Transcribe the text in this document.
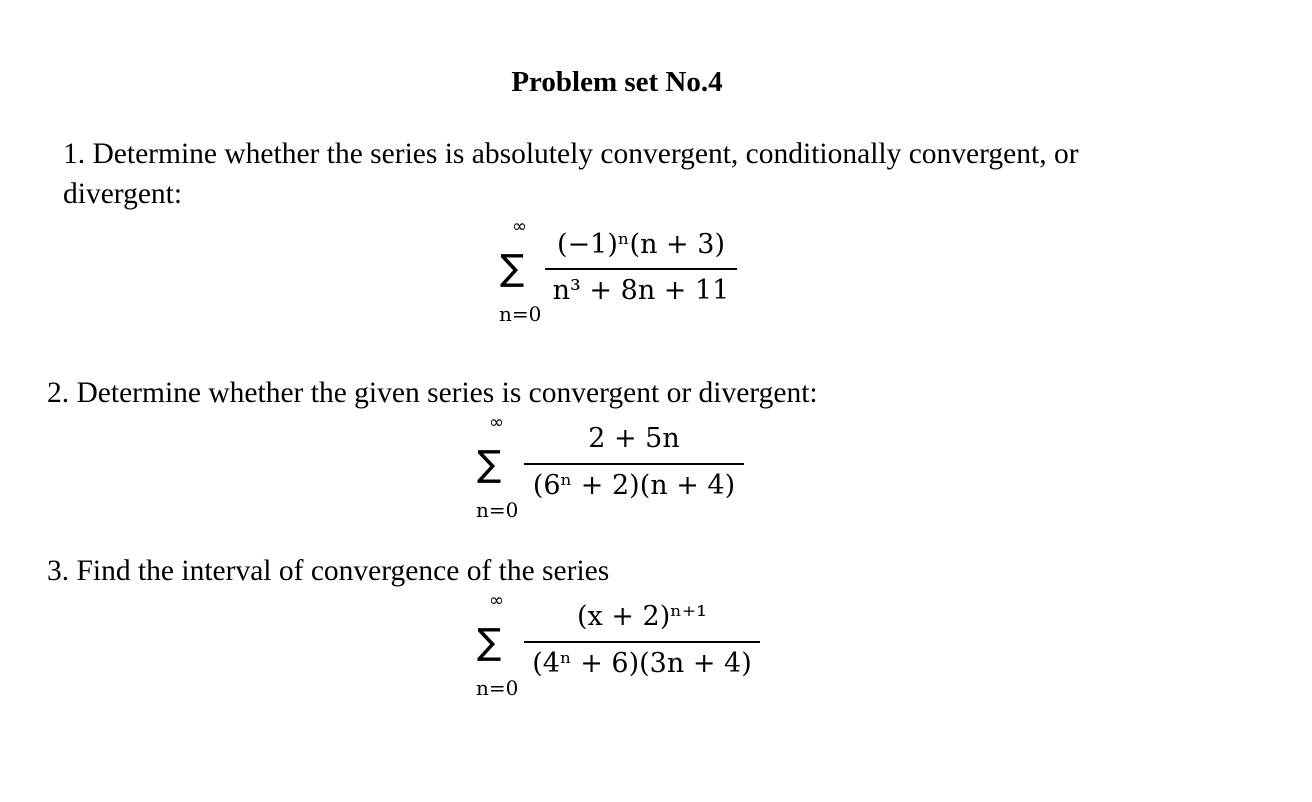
Problem set No.4
1. Determine whether the series is absolutely convergent, conditionally convergent, or
divergent:
∞
∑
n=0
(−1)ⁿ(n + 3)
n³ + 8n + 11
2. Determine whether the given series is convergent or divergent:
∞
∑
n=0
2 + 5n
(6ⁿ + 2)(n + 4)
3. Find the interval of convergence of the series
∞
∑
n=0
(x + 2)ⁿ⁺¹
(4ⁿ + 6)(3n + 4)
